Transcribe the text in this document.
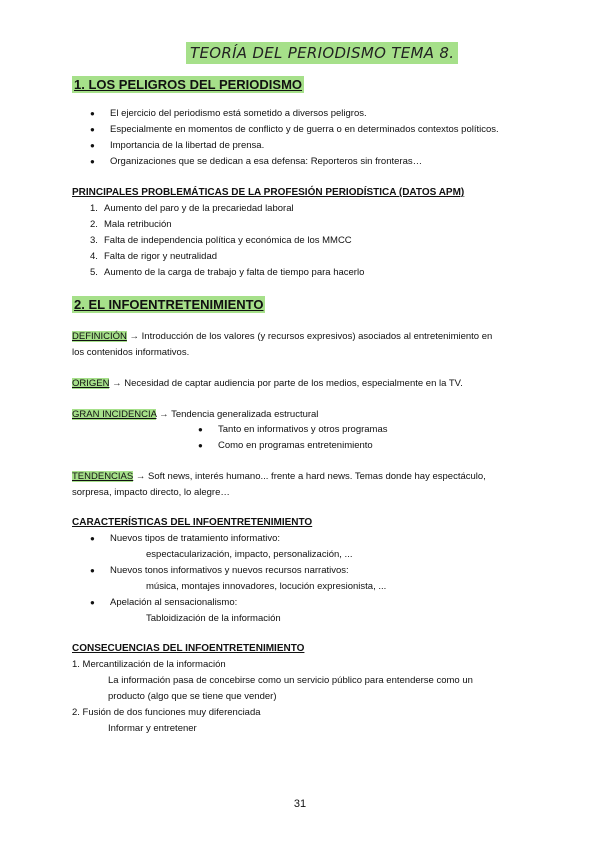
TEORÍA DEL PERIODISMO TEMA 8.
1. LOS PELIGROS DEL PERIODISMO
● El ejercicio del periodismo está sometido a diversos peligros.
● Especialmente en momentos de conflicto y de guerra o en determinados contextos políticos.
● Importancia de la libertad de prensa.
● Organizaciones que se dedican a esa defensa: Reporteros sin fronteras…
PRINCIPALES PROBLEMÁTICAS DE LA PROFESIÓN PERIODÍSTICA (DATOS APM)
1. Aumento del paro y de la precariedad laboral
2. Mala retribución
3. Falta de independencia política y económica de los MMCC
4. Falta de rigor y neutralidad
5. Aumento de la carga de trabajo y falta de tiempo para hacerlo
2. EL INFOENTRETENIMIENTO
DEFINICIÓN → Introducción de los valores (y recursos expresivos) asociados al entretenimiento en
los contenidos informativos.
ORIGEN → Necesidad de captar audiencia por parte de los medios, especialmente en la TV.
GRAN INCIDENCIA → Tendencia generalizada estructural
● Tanto en informativos y otros programas
● Como en programas entretenimiento
TENDENCIAS → Soft news, interés humano... frente a hard news. Temas donde hay espectáculo,
sorpresa, impacto directo, lo alegre…
CARACTERÍSTICAS DEL INFOENTRETENIMIENTO
● Nuevos tipos de tratamiento informativo:
espectacularización, impacto, personalización, ...
● Nuevos tonos informativos y nuevos recursos narrativos:
música, montajes innovadores, locución expresionista, ...
● Apelación al sensacionalismo:
Tabloidización de la información
CONSECUENCIAS DEL INFOENTRETENIMIENTO
1. Mercantilización de la información
La información pasa de concebirse como un servicio público para entenderse como un
producto (algo que se tiene que vender)
2. Fusión de dos funciones muy diferenciada
Informar y entretener
31
